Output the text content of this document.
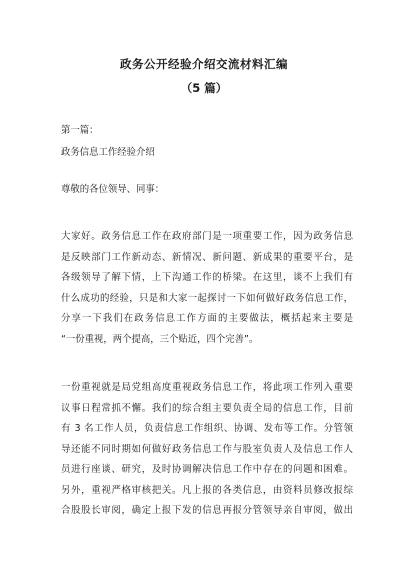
政务公开经验介绍交流材料汇编
（5 篇）
第一篇：
政务信息工作经验介绍
尊敬的各位领导、同事：

大家好。政务信息工作在政府部门是一项重要工作，因为政务信息

是反映部门工作新动态、新情况、新问题、新成果的重要平台，是

各级领导了解下情，上下沟通工作的桥梁。在这里，谈不上我们有

什么成功的经验，只是和大家一起探讨一下如何做好政务信息工作，

分享一下我们在政务信息工作方面的主要做法，概括起来主要是

“一份重视，两个提高，三个贴近，四个完善”。

一份重视就是局党组高度重视政务信息工作，将此项工作列入重要

议事日程常抓不懈。我们的综合组主要负责全局的信息工作，目前

有 3 名工作人员，负责信息工作组织、协调、发布等工作。分管领

导还能不同时期如何做好政务信息工作与股室负责人及信息工作人

员进行座谈、研究，及时协调解决信息工作中存在的问题和困难。

另外，重视严格审核把关。凡上报的各类信息，由资料员修改报综

合股股长审阅，确定上报下发的信息再报分管领导亲自审阅，做出
